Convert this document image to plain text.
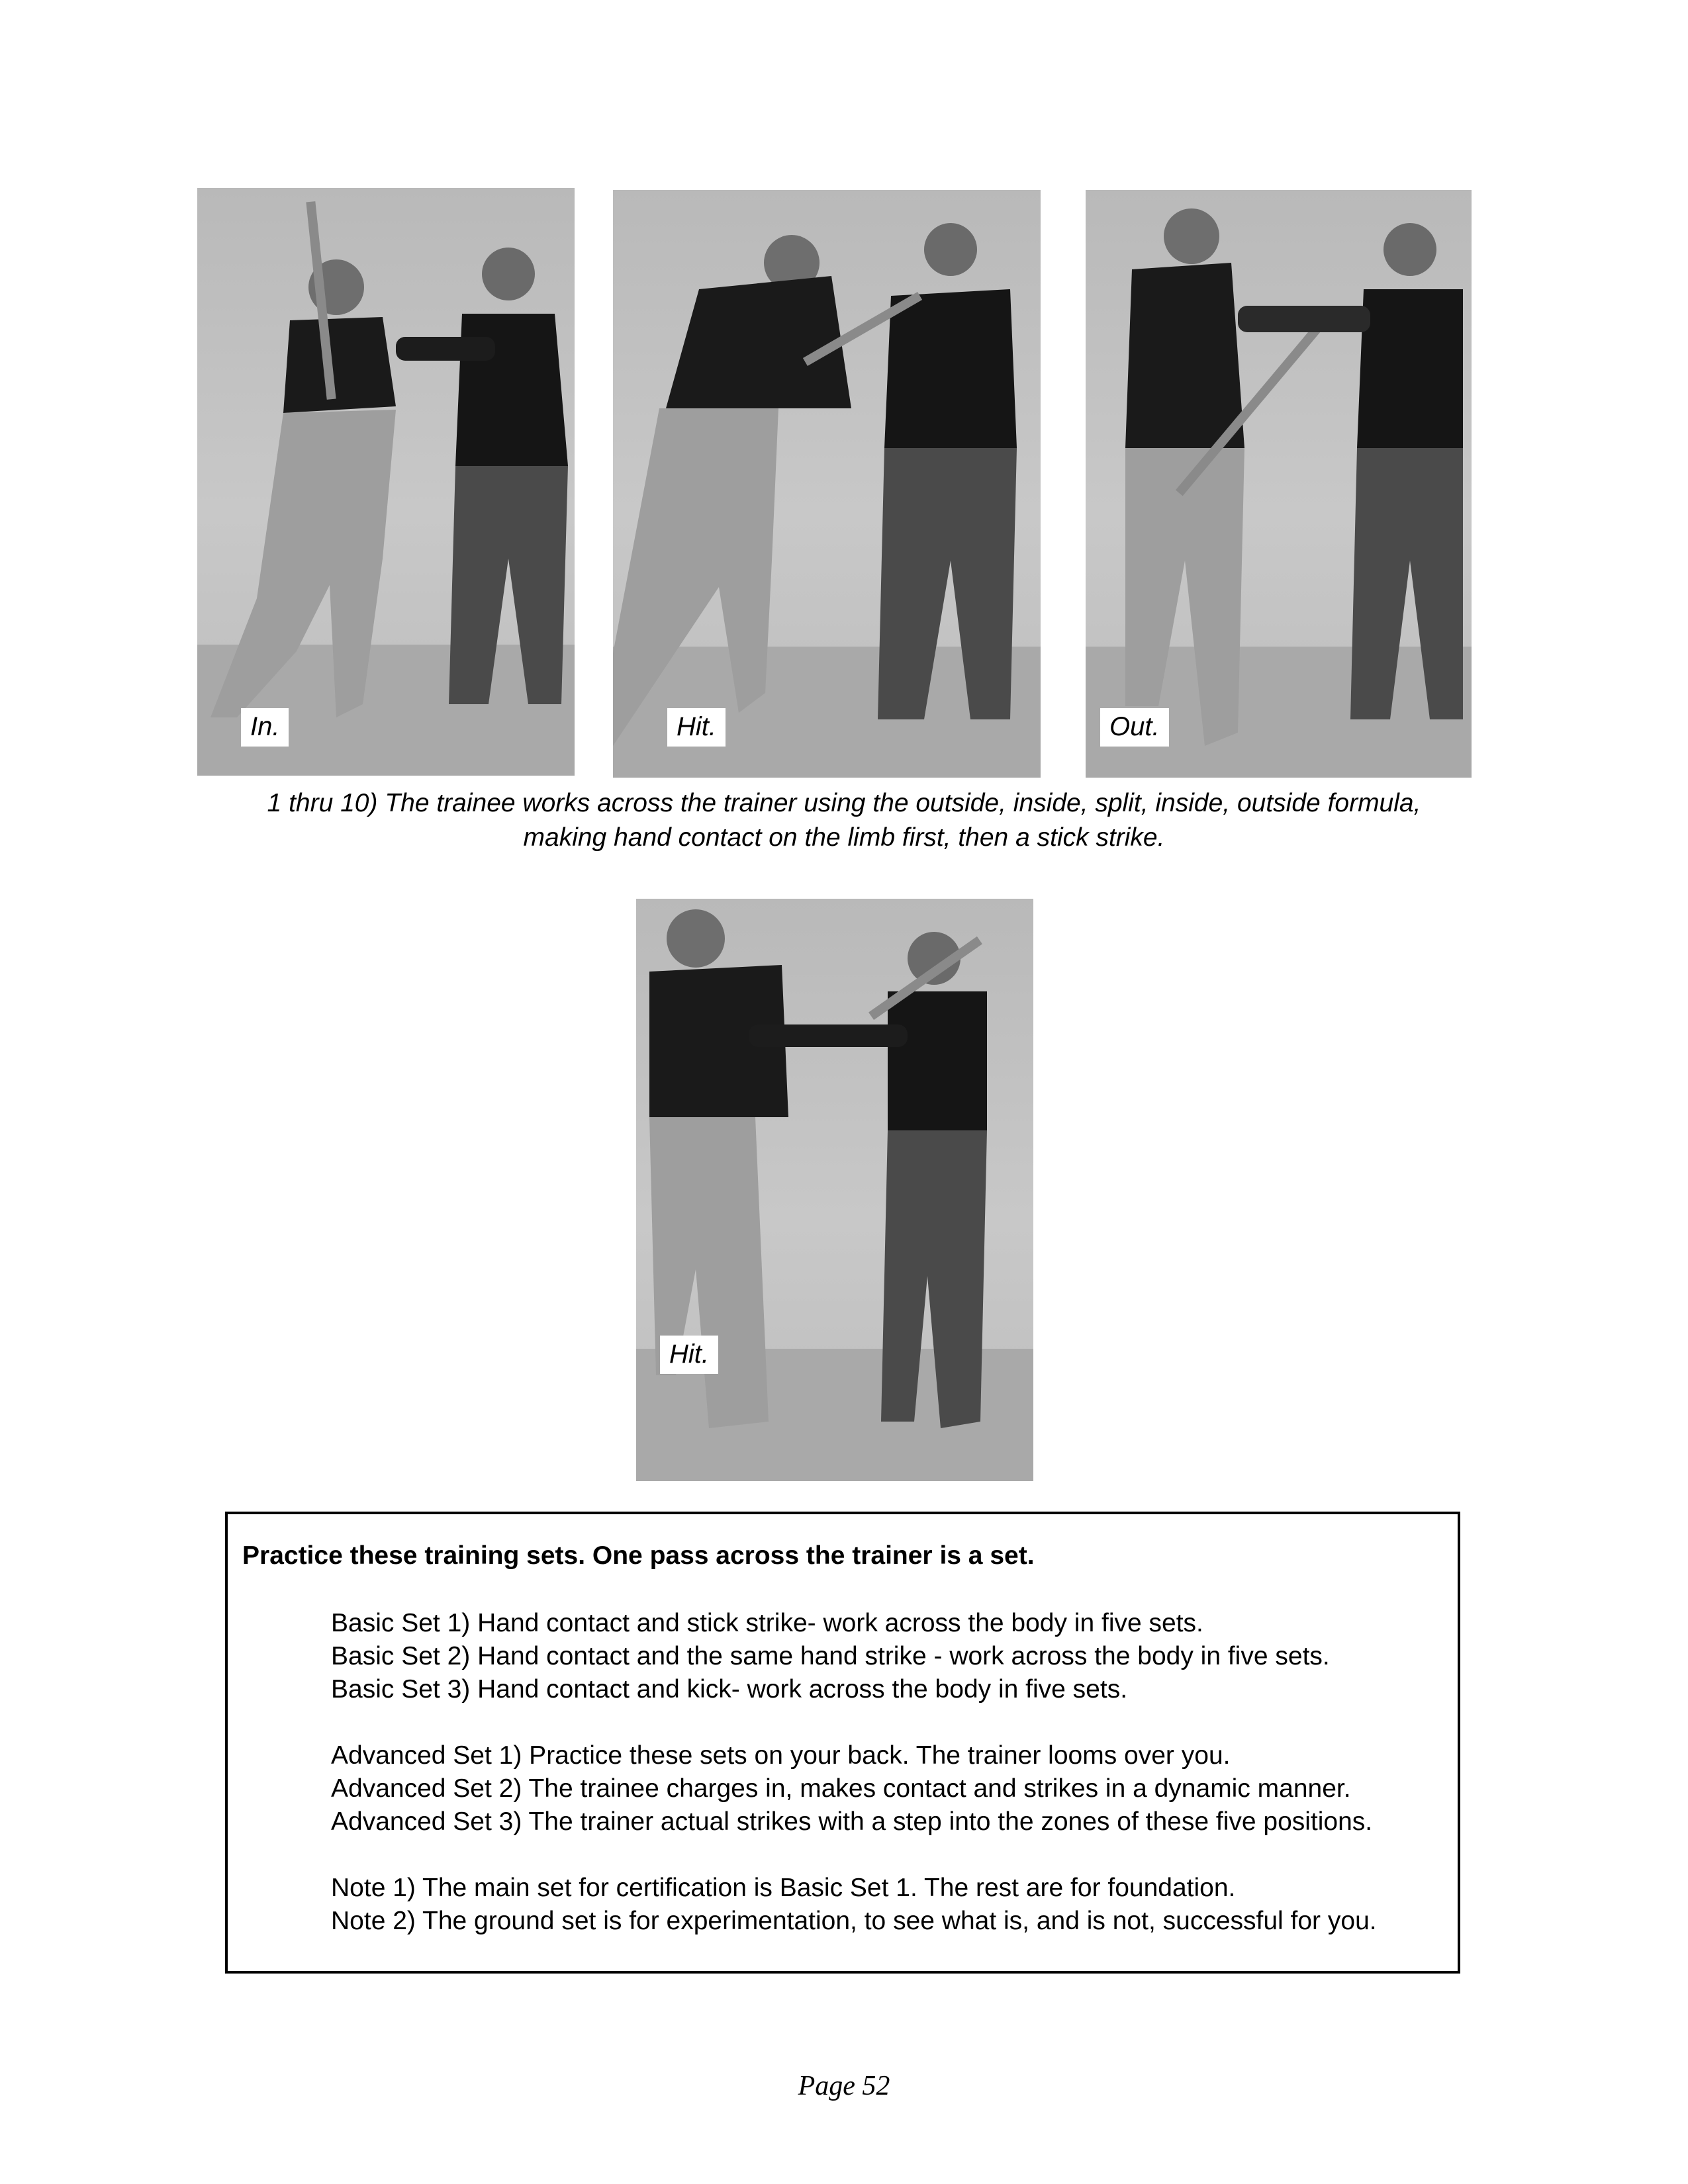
In.	Hit.	Out.
1 thru 10) The trainee works across the trainer using the outside, inside, split, inside, outside formula,
making hand contact on the limb first, then a stick strike.
Hit.
Practice these training sets. One pass across the trainer is a set.
Basic Set 1) Hand contact and stick strike- work across the body in five sets.
Basic Set 2) Hand contact and the same hand strike - work across the body in five sets.
Basic Set 3) Hand contact and kick- work across the body in five sets.
Advanced Set 1) Practice these sets on your back. The trainer looms over you.
Advanced Set 2) The trainee charges in, makes contact and strikes in a dynamic manner.
Advanced Set 3) The trainer actual strikes with a step into the zones of these five positions.
Note 1) The main set for certification is Basic Set 1. The rest are for foundation.
Note 2) The ground set is for experimentation, to see what is, and is not, successful for you.
Page 52
